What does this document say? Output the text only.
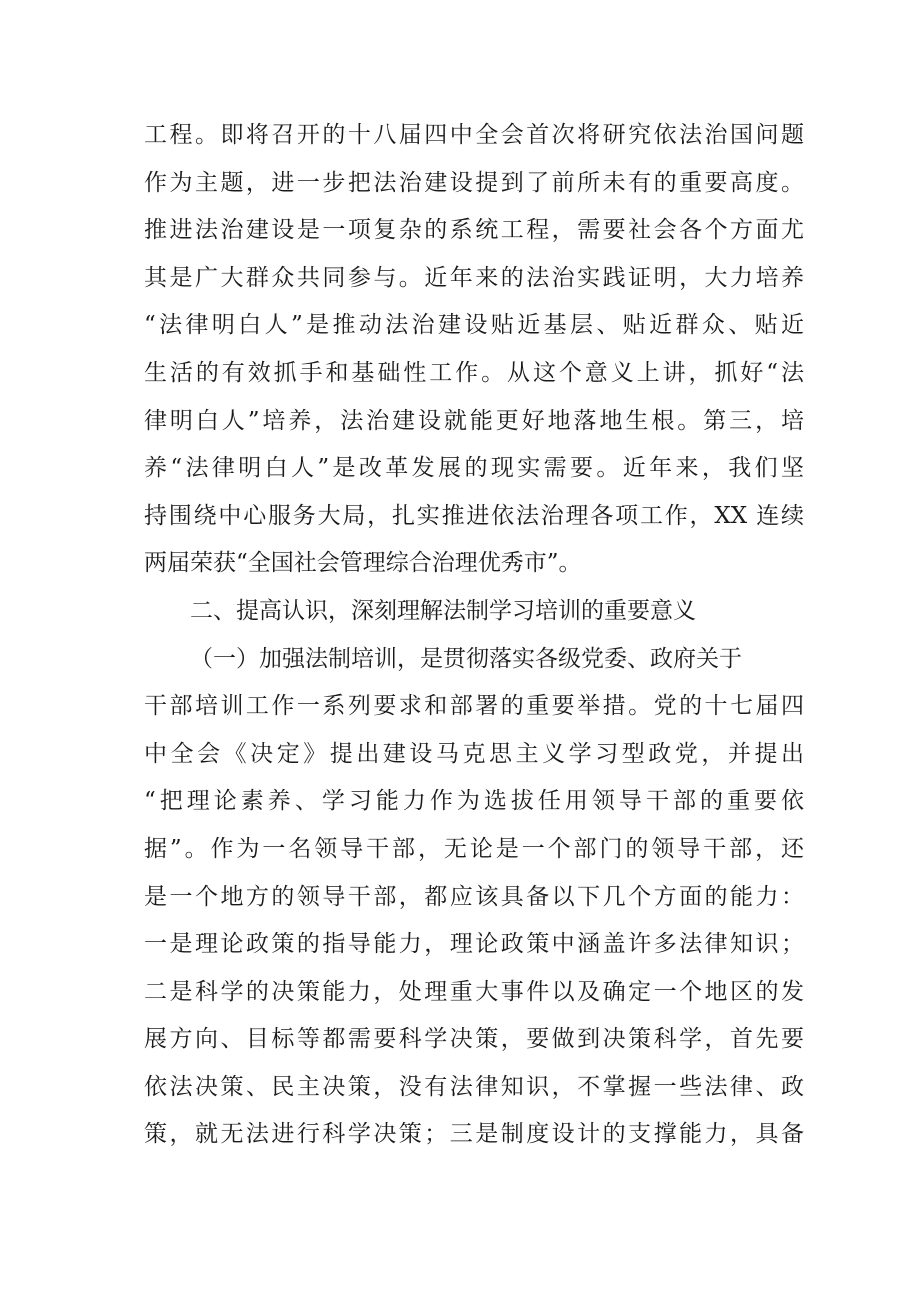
工程。即将召开的十八届四中全会首次将研究依法治国问题
作为主题，进一步把法治建设提到了前所未有的重要高度。
推进法治建设是一项复杂的系统工程，需要社会各个方面尤
其是广大群众共同参与。近年来的法治实践证明，大力培养
“法律明白人”是推动法治建设贴近基层、贴近群众、贴近
生活的有效抓手和基础性工作。从这个意义上讲，抓好“法
律明白人”培养，法治建设就能更好地落地生根。第三，培
养“法律明白人”是改革发展的现实需要。近年来，我们坚
持围绕中心服务大局，扎实推进依法治理各项工作，XX 连续
两届荣获“全国社会管理综合治理优秀市”。
二、提高认识，深刻理解法制学习培训的重要意义
（一）加强法制培训，是贯彻落实各级党委、政府关于
干部培训工作一系列要求和部署的重要举措。党的十七届四
中全会《决定》提出建设马克思主义学习型政党，并提出
“把理论素养、学习能力作为选拔任用领导干部的重要依
据”。作为一名领导干部，无论是一个部门的领导干部，还
是一个地方的领导干部，都应该具备以下几个方面的能力：
一是理论政策的指导能力，理论政策中涵盖许多法律知识；
二是科学的决策能力，处理重大事件以及确定一个地区的发
展方向、目标等都需要科学决策，要做到决策科学，首先要
依法决策、民主决策，没有法律知识，不掌握一些法律、政
策，就无法进行科学决策；三是制度设计的支撑能力，具备
